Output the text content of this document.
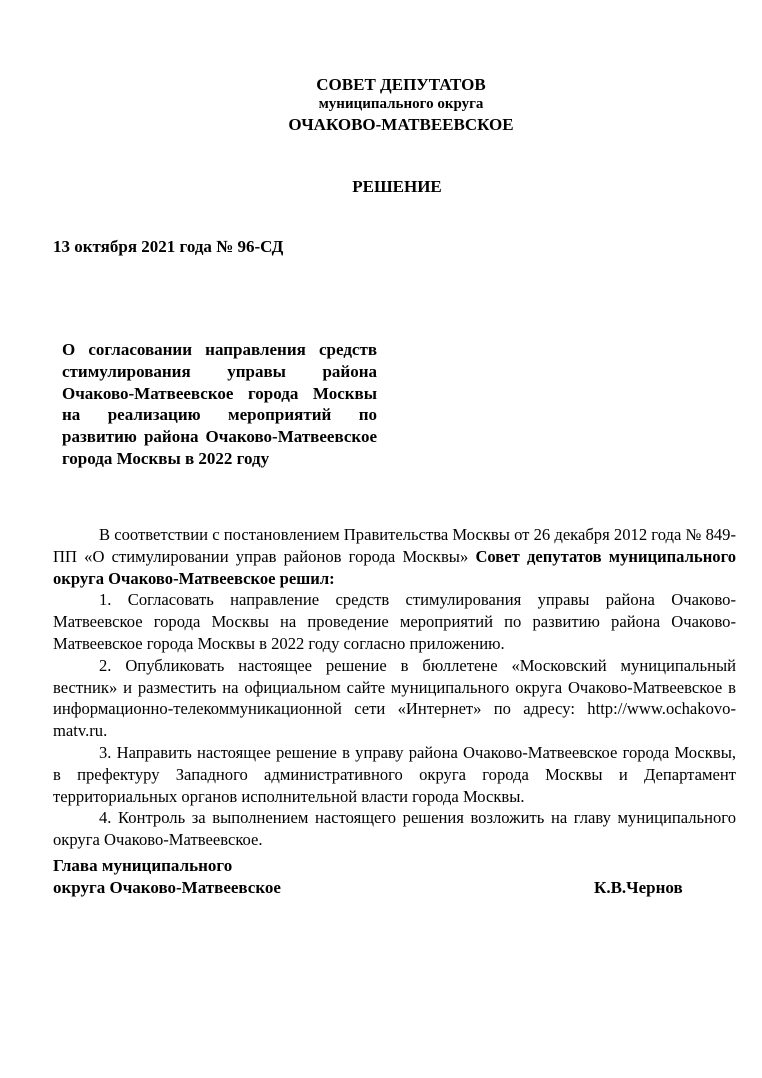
СОВЕТ ДЕПУТАТОВ
муниципального округа
ОЧАКОВО-МАТВЕЕВСКОЕ
РЕШЕНИЕ
13 октября 2021 года № 96-СД
О согласовании направления средств стимулирования управы района Очаково-Матвеевское города Москвы на реализацию мероприятий по развитию района Очаково-Матвеевское города Москвы в 2022 году

В соответствии с постановлением Правительства Москвы от 26 декабря 2012 года № 849-ПП «О стимулировании управ районов города Москвы» Совет депутатов муниципального округа Очаково-Матвеевское решил:

1. Согласовать направление средств стимулирования управы района Очаково-Матвеевское города Москвы на проведение мероприятий по развитию района Очаково-Матвеевское города Москвы в 2022 году согласно приложению.

2. Опубликовать настоящее решение в бюллетене «Московский муниципальный вестник» и разместить на официальном сайте муниципального округа Очаково-Матвеевское в информационно-телекоммуникационной сети «Интернет» по адресу: http://www.ochakovo-matv.ru.

3. Направить настоящее решение в управу района Очаково-Матвеевское города Москвы, в префектуру Западного административного округа города Москвы и Департамент территориальных органов исполнительной власти города Москвы.

4. Контроль за выполнением настоящего решения возложить на главу муниципального округа Очаково-Матвеевское.

Глава муниципального
округа Очаково-Матвеевское	К.В.Чернов
